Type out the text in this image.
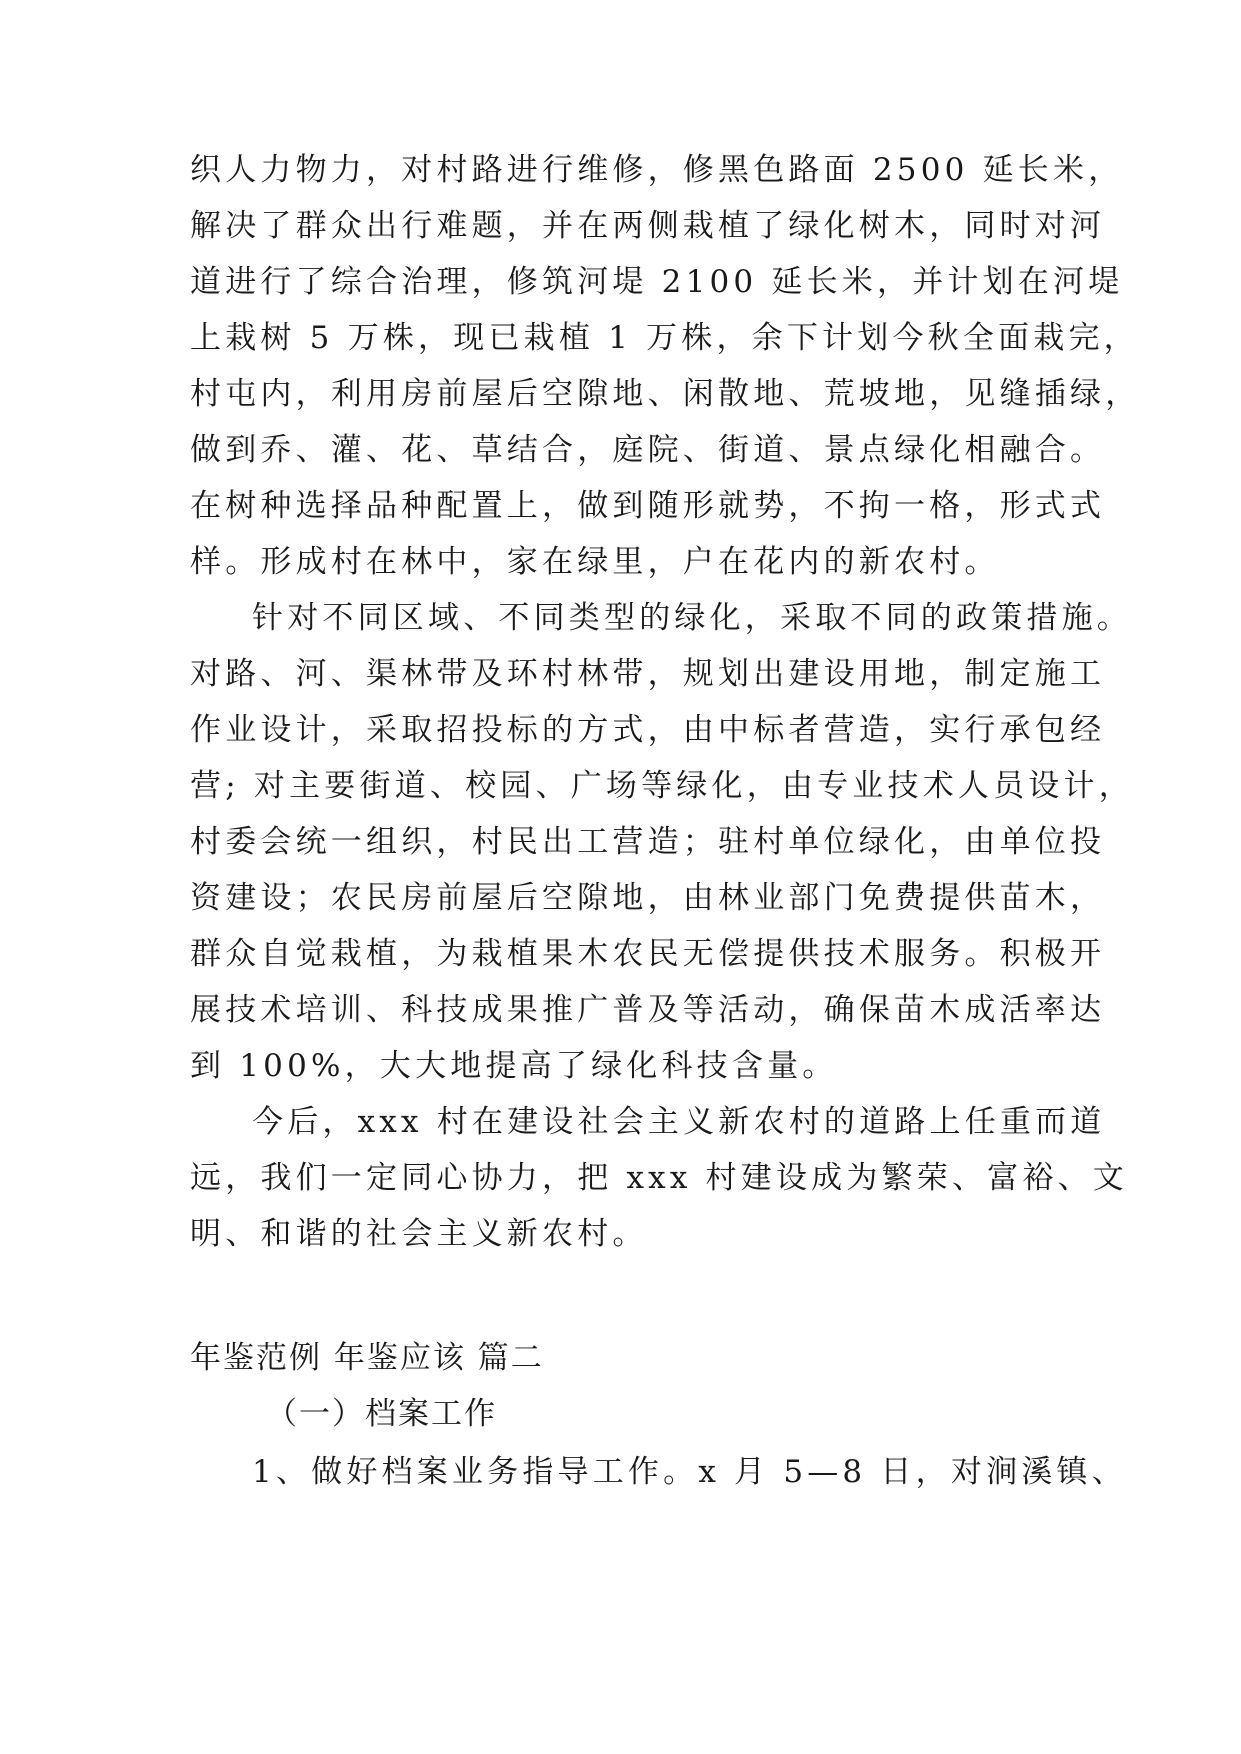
织人力物力，对村路进行维修，修黑色路面 2500 延长米，
解决了群众出行难题，并在两侧栽植了绿化树木，同时对河
道进行了综合治理，修筑河堤 2100 延长米，并计划在河堤
上栽树 5 万株，现已栽植 1 万株，余下计划今秋全面栽完，
村屯内，利用房前屋后空隙地、闲散地、荒坡地，见缝插绿，
做到乔、灌、花、草结合，庭院、街道、景点绿化相融合。
在树种选择品种配置上，做到随形就势，不拘一格，形式式
样。形成村在林中，家在绿里，户在花内的新农村。
针对不同区域、不同类型的绿化，采取不同的政策措施。
对路、河、渠林带及环村林带，规划出建设用地，制定施工
作业设计，采取招投标的方式，由中标者营造，实行承包经
营; 对主要街道、校园、广场等绿化，由专业技术人员设计，
村委会统一组织，村民出工营造；驻村单位绿化，由单位投
资建设；农民房前屋后空隙地，由林业部门免费提供苗木，
群众自觉栽植，为栽植果木农民无偿提供技术服务。积极开
展技术培训、科技成果推广普及等活动，确保苗木成活率达
到 100%，大大地提高了绿化科技含量。
今后，xxx 村在建设社会主义新农村的道路上任重而道
远，我们一定同心协力，把 xxx 村建设成为繁荣、富裕、文
明、和谐的社会主义新农村。
年鉴范例 年鉴应该 篇二
（一）档案工作
1、做好档案业务指导工作。x 月 5—8 日，对涧溪镇、
